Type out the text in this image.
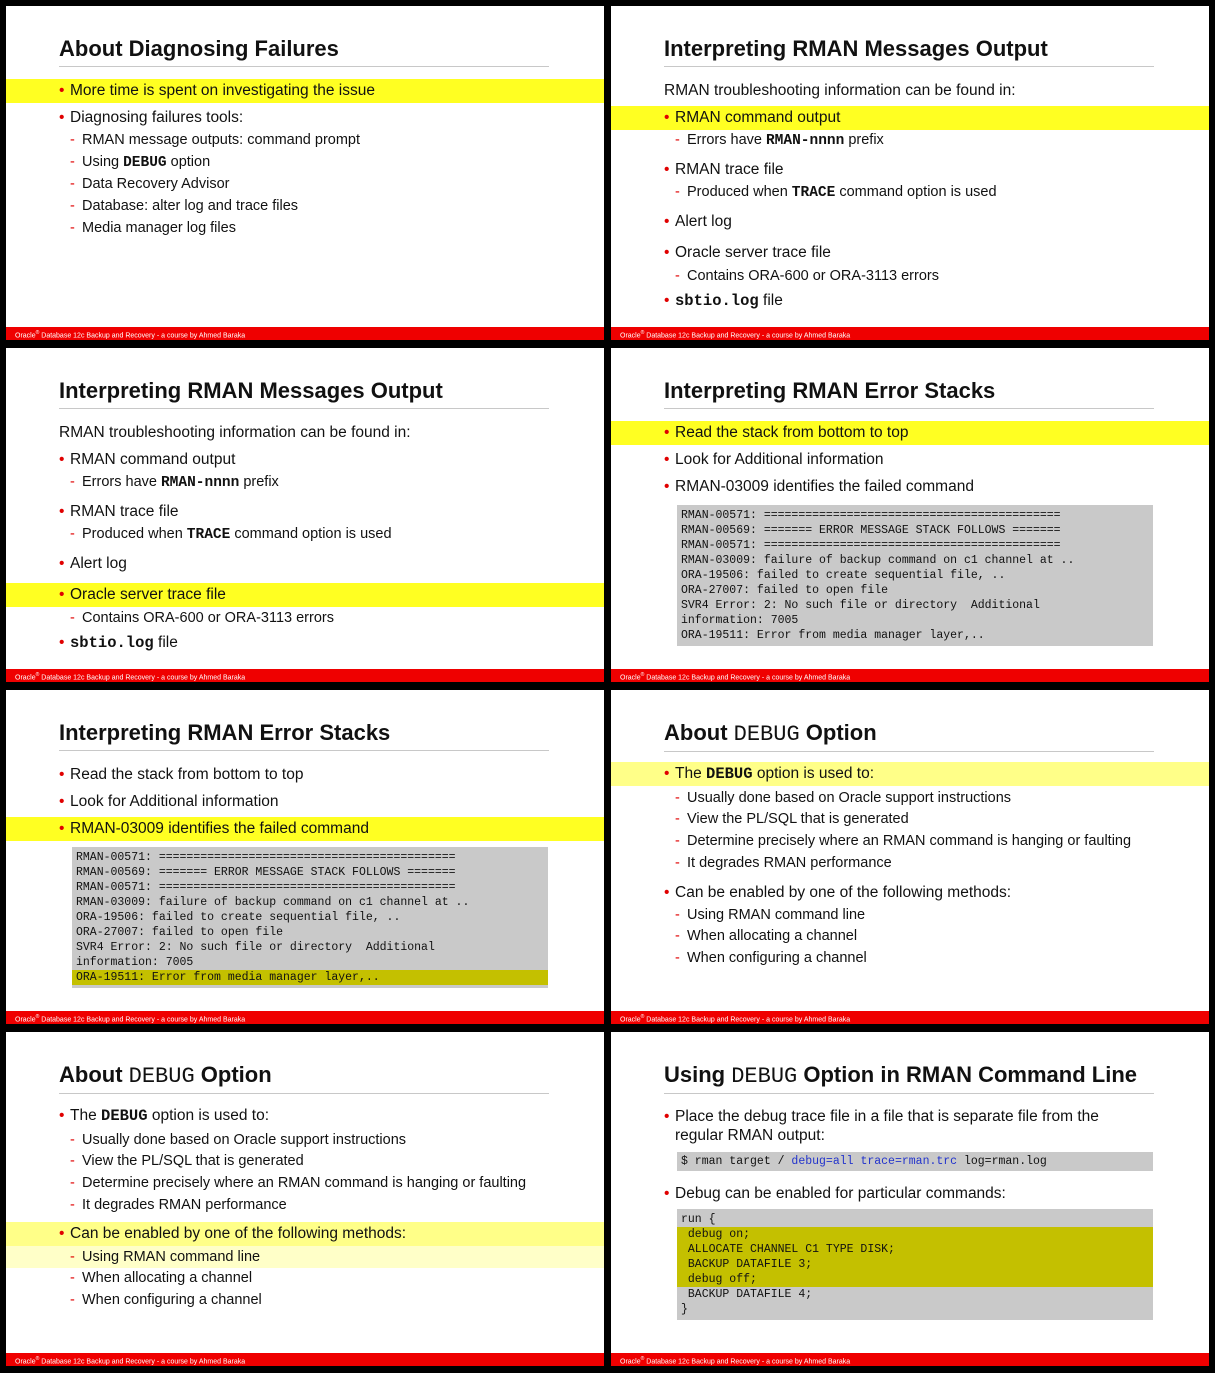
About Diagnosing Failures
• More time is spent on investigating the issue
• Diagnosing failures tools:
- RMAN message outputs: command prompt
- Using DEBUG option
- Data Recovery Advisor
- Database: alter log and trace files
- Media manager log files
Oracle® Database 12c Backup and Recovery - a course by Ahmed Baraka
Interpreting RMAN Messages Output
RMAN troubleshooting information can be found in:
• RMAN command output
- Errors have RMAN-nnnn prefix
• RMAN trace file
- Produced when TRACE command option is used
• Alert log
• Oracle server trace file
- Contains ORA-600 or ORA-3113 errors
• sbtio.log file
Oracle® Database 12c Backup and Recovery - a course by Ahmed Baraka
Interpreting RMAN Messages Output
RMAN troubleshooting information can be found in:
• RMAN command output
- Errors have RMAN-nnnn prefix
• RMAN trace file
- Produced when TRACE command option is used
• Alert log
• Oracle server trace file
- Contains ORA-600 or ORA-3113 errors
• sbtio.log file
Oracle® Database 12c Backup and Recovery - a course by Ahmed Baraka
Interpreting RMAN Error Stacks
• Read the stack from bottom to top
• Look for Additional information
• RMAN-03009 identifies the failed command
RMAN-00571: ===========================================
RMAN-00569: ======= ERROR MESSAGE STACK FOLLOWS =======
RMAN-00571: ===========================================
RMAN-03009: failure of backup command on c1 channel at ..
ORA-19506: failed to create sequential file, ..
ORA-27007: failed to open file
SVR4 Error: 2: No such file or directory  Additional
information: 7005
ORA-19511: Error from media manager layer,..
Oracle® Database 12c Backup and Recovery - a course by Ahmed Baraka
Interpreting RMAN Error Stacks
• Read the stack from bottom to top
• Look for Additional information
• RMAN-03009 identifies the failed command
RMAN-00571: ===========================================
RMAN-00569: ======= ERROR MESSAGE STACK FOLLOWS =======
RMAN-00571: ===========================================
RMAN-03009: failure of backup command on c1 channel at ..
ORA-19506: failed to create sequential file, ..
ORA-27007: failed to open file
SVR4 Error: 2: No such file or directory  Additional
information: 7005
ORA-19511: Error from media manager layer,..
Oracle® Database 12c Backup and Recovery - a course by Ahmed Baraka
About DEBUG Option
• The DEBUG option is used to:
- Usually done based on Oracle support instructions
- View the PL/SQL that is generated
- Determine precisely where an RMAN command is hanging or faulting
- It degrades RMAN performance
• Can be enabled by one of the following methods:
- Using RMAN command line
- When allocating a channel
- When configuring a channel
Oracle® Database 12c Backup and Recovery - a course by Ahmed Baraka
About DEBUG Option
• The DEBUG option is used to:
- Usually done based on Oracle support instructions
- View the PL/SQL that is generated
- Determine precisely where an RMAN command is hanging or faulting
- It degrades RMAN performance
• Can be enabled by one of the following methods:
- Using RMAN command line
- When allocating a channel
- When configuring a channel
Oracle® Database 12c Backup and Recovery - a course by Ahmed Baraka
Using DEBUG Option in RMAN Command Line
• Place the debug trace file in a file that is separate file from the
regular RMAN output:
$ rman target / debug=all trace=rman.trc log=rman.log
• Debug can be enabled for particular commands:
run {
debug on;
ALLOCATE CHANNEL C1 TYPE DISK;
BACKUP DATAFILE 3;
debug off;
BACKUP DATAFILE 4;
}
Oracle® Database 12c Backup and Recovery - a course by Ahmed Baraka
